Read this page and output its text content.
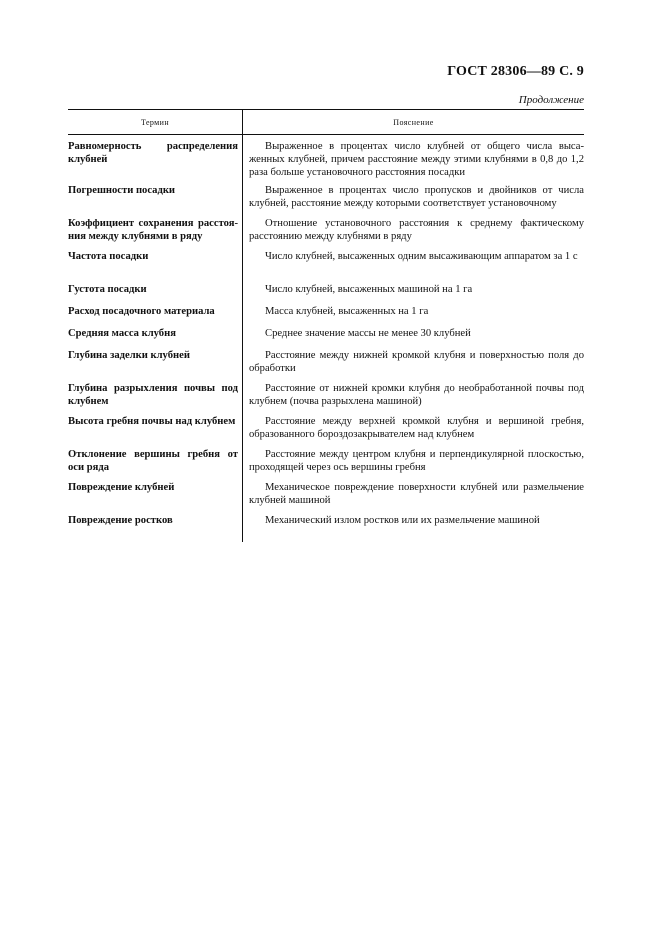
ГОСТ 28306—89 С. 9
Продолжение
Термин	Пояснение
Равномерность распределения клубней
Погрешности посадки
Коэффициент сохранения расстояния между клубнями в ряду
Частота посадки
Густота посадки
Расход посадочного материала
Средняя масса клубня
Глубина заделки клубней
Глубина разрыхления почвы под клубнем
Высота гребня почвы над клубнем
Отклонение вершины гребня от оси ряда
Повреждение клубней
Повреждение ростков
Выраженное в процентах число клубней от общего числа высаженных клубней, причем расстояние между этими клубнями в 0,8 до 1,2 раза больше установочного расстояния посадки
Выраженное в процентах число пропусков и двойников от числа клубней, расстояние между которыми соответствует установочному
Отношение установочного расстояния к среднему фактическому расстоянию между клубнями в ряду
Число клубней, высаженных одним высаживающим аппаратом за 1 с
Число клубней, высаженных машиной на 1 га
Масса клубней, высаженных на 1 га
Среднее значение массы не менее 30 клубней
Расстояние между нижней кромкой клубня и поверхностью поля до обработки
Расстояние от нижней кромки клубня до необработанной почвы под клубнем (почва разрыхлена машиной)
Расстояние между верхней кромкой клубня и вершиной гребня, образованного бороздозакрывателем над клубнем
Расстояние между центром клубня и перпендикулярной плоскостью, проходящей через ось вершины гребня
Механическое повреждение поверхности клубней или размельчение клубней машиной
Механический излом ростков или их размельчение машиной
